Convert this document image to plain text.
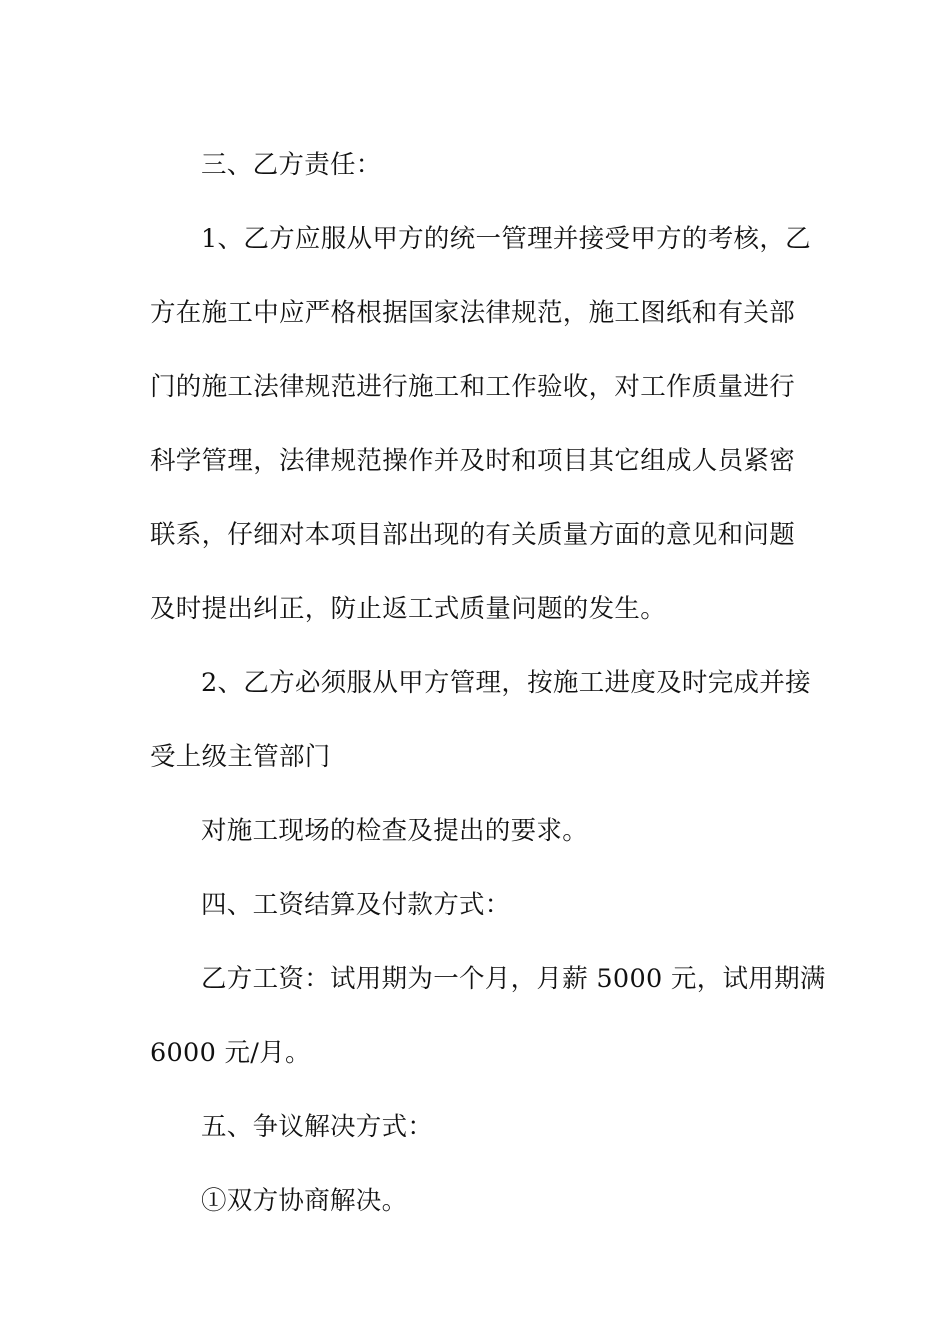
三、乙方责任：
1、乙方应服从甲方的统一管理并接受甲方的考核，乙
方在施工中应严格根据国家法律规范，施工图纸和有关部
门的施工法律规范进行施工和工作验收，对工作质量进行
科学管理，法律规范操作并及时和项目其它组成人员紧密
联系，仔细对本项目部出现的有关质量方面的意见和问题
及时提出纠正，防止返工式质量问题的发生。
2、乙方必须服从甲方管理，按施工进度及时完成并接
受上级主管部门
对施工现场的检查及提出的要求。
四、工资结算及付款方式：
乙方工资：试用期为一个月，月薪 5000 元，试用期满
6000 元/月。
五、争议解决方式：
①双方协商解决。
